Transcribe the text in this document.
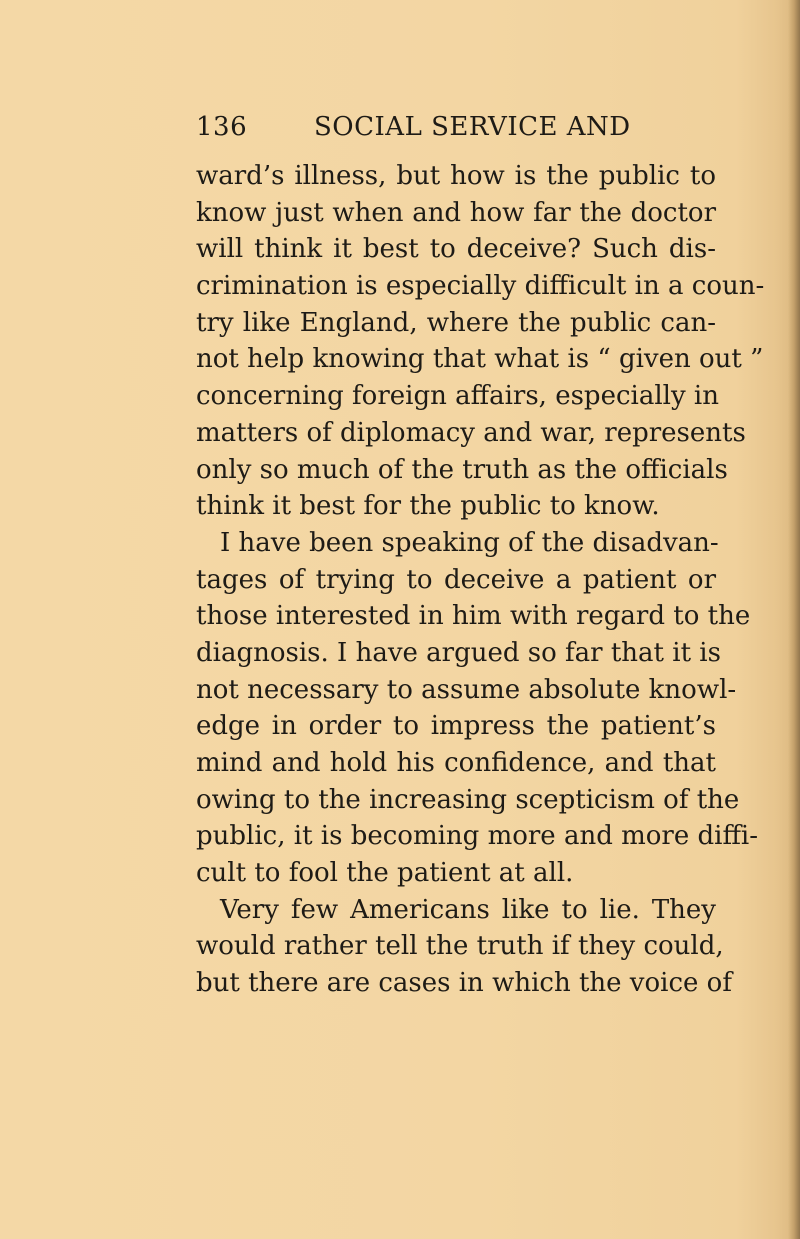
136	SOCIAL SERVICE AND
ward’s illness, but how is the public to
know just when and how far the doctor
will think it best to deceive? Such dis-
crimination is especially difficult in a coun-
try like England, where the public can-
not help knowing that what is “ given out ”
concerning foreign affairs, especially in
matters of diplomacy and war, represents
only so much of the truth as the officials
think it best for the public to know.
I have been speaking of the disadvan-
tages of trying to deceive a patient or
those interested in him with regard to the
diagnosis. I have argued so far that it is
not necessary to assume absolute knowl-
edge in order to impress the patient’s
mind and hold his confidence, and that
owing to the increasing scepticism of the
public, it is becoming more and more diffi-
cult to fool the patient at all.
Very few Americans like to lie. They
would rather tell the truth if they could,
but there are cases in which the voice of
